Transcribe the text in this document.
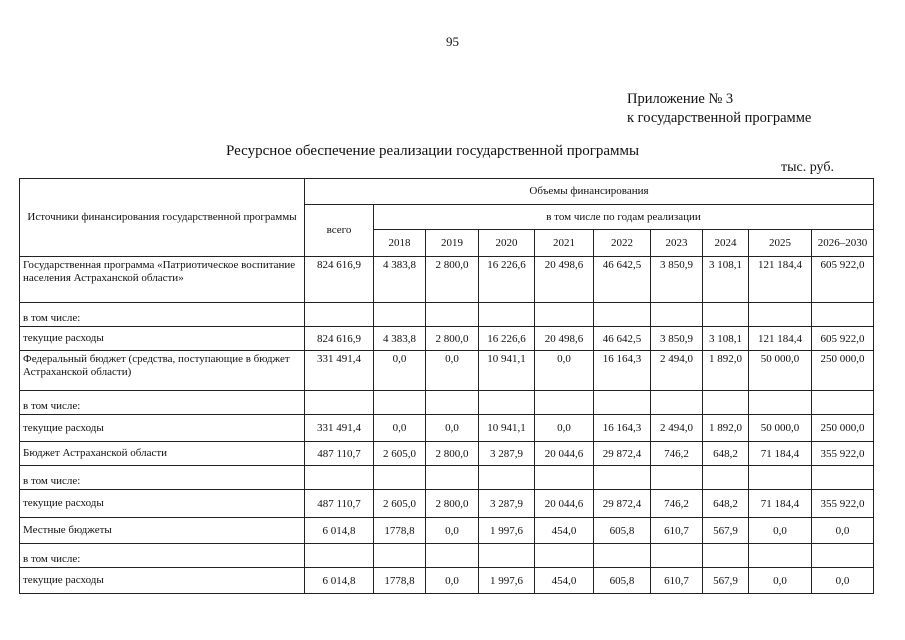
95
Приложение № 3
к государственной программе
Ресурсное обеспечение реализации государственной программы
тыс. руб.
Источники финансирования государственной программы	Объемы финансирования									
	всего	в том числе по годам реализации								
		2018	2019	2020	2021	2022	2023	2024	2025	2026–2030
Государственная программа «Патриотическое воспитание населения Астраханской области»	824 616,9	4 383,8	2 800,0	16 226,6	20 498,6	46 642,5	3 850,9	3 108,1	121 184,4	605 922,0
в том числе:										
текущие расходы	824 616,9	4 383,8	2 800,0	16 226,6	20 498,6	46 642,5	3 850,9	3 108,1	121 184,4	605 922,0
Федеральный бюджет (средства, поступающие в бюджет Астраханской области)	331 491,4	0,0	0,0	10 941,1	0,0	16 164,3	2 494,0	1 892,0	50 000,0	250 000,0
в том числе:										
текущие расходы	331 491,4	0,0	0,0	10 941,1	0,0	16 164,3	2 494,0	1 892,0	50 000,0	250 000,0
Бюджет Астраханской области	487 110,7	2 605,0	2 800,0	3 287,9	20 044,6	29 872,4	746,2	648,2	71 184,4	355 922,0
в том числе:										
текущие расходы	487 110,7	2 605,0	2 800,0	3 287,9	20 044,6	29 872,4	746,2	648,2	71 184,4	355 922,0
Местные бюджеты	6 014,8	1778,8	0,0	1 997,6	454,0	605,8	610,7	567,9	0,0	0,0
в том числе:										
текущие расходы	6 014,8	1778,8	0,0	1 997,6	454,0	605,8	610,7	567,9	0,0	0,0
